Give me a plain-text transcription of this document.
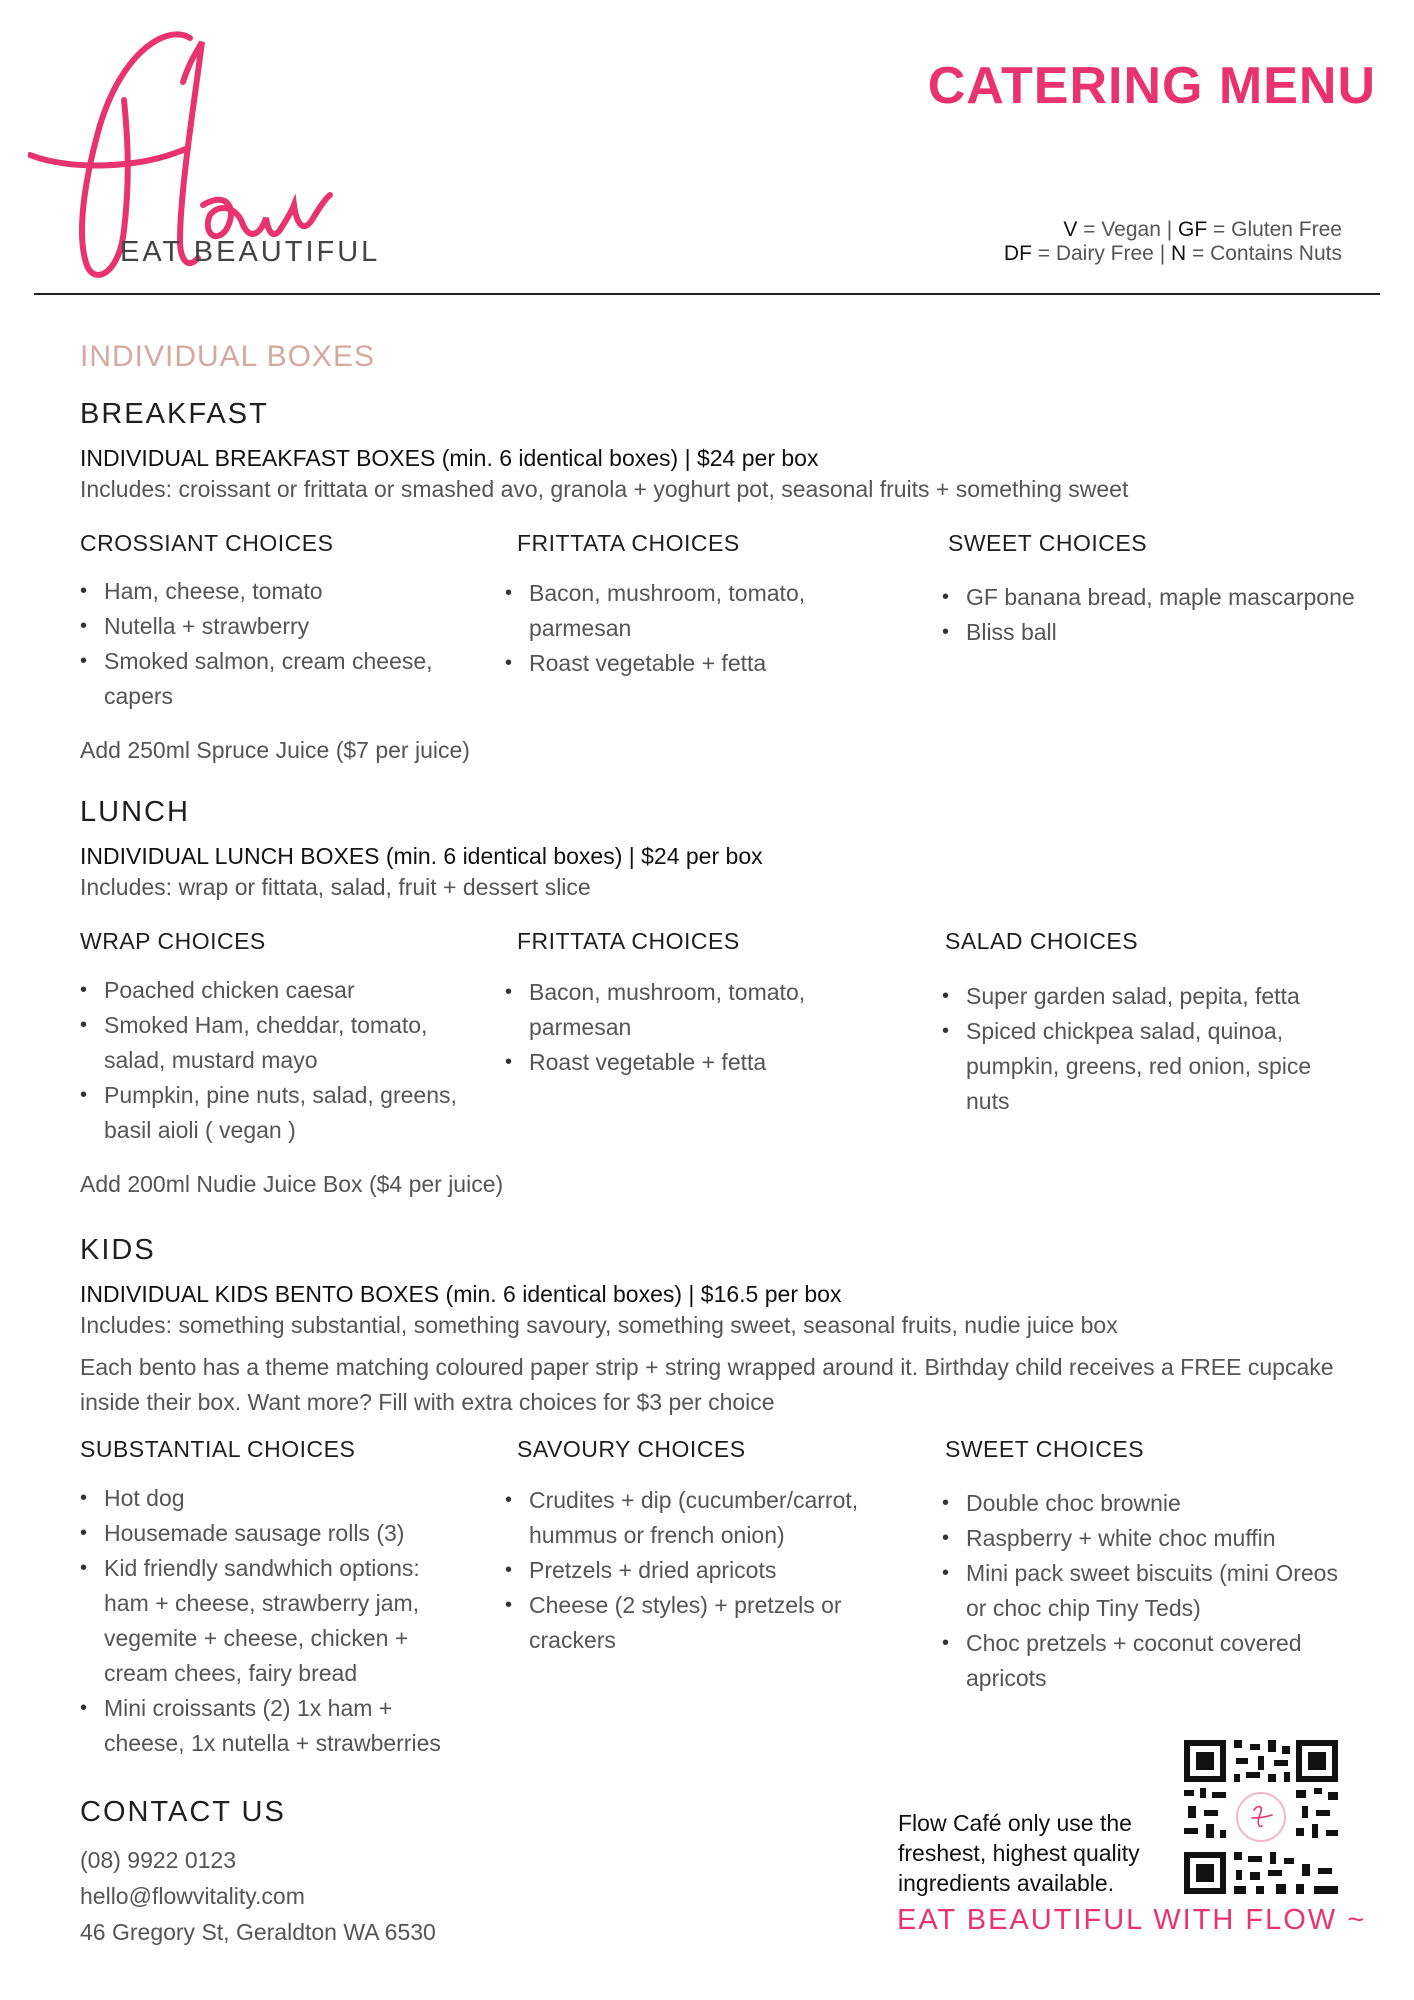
EAT BEAUTIFUL
CATERING MENU
V = Vegan | GF = Gluten Free
DF = Dairy Free | N = Contains Nuts
INDIVIDUAL BOXES
BREAKFAST
INDIVIDUAL BREAKFAST BOXES (min. 6 identical boxes) | $24 per box
Includes: croissant or frittata or smashed avo, granola + yoghurt pot, seasonal fruits + something sweet
CROSSIANT CHOICES
• Ham, cheese, tomato
• Nutella + strawberry
• Smoked salmon, cream cheese, capers
FRITTATA CHOICES
• Bacon, mushroom, tomato, parmesan
• Roast vegetable + fetta
SWEET CHOICES
• GF banana bread, maple mascarpone
• Bliss ball
Add 250ml Spruce Juice ($7 per juice)
LUNCH
INDIVIDUAL LUNCH BOXES (min. 6 identical boxes) | $24 per box
Includes: wrap or fittata, salad, fruit + dessert slice
WRAP CHOICES
• Poached chicken caesar
• Smoked Ham, cheddar, tomato, salad, mustard mayo
• Pumpkin, pine nuts, salad, greens, basil aioli ( vegan )
FRITTATA CHOICES
• Bacon, mushroom, tomato, parmesan
• Roast vegetable + fetta
SALAD CHOICES
• Super garden salad, pepita, fetta
• Spiced chickpea salad, quinoa, pumpkin, greens, red onion, spice nuts
Add 200ml Nudie Juice Box ($4 per juice)
KIDS
INDIVIDUAL KIDS BENTO BOXES (min. 6 identical boxes) | $16.5 per box
Includes: something substantial, something savoury, something sweet, seasonal fruits, nudie juice box
Each bento has a theme matching coloured paper strip + string wrapped around it. Birthday child receives a FREE cupcake inside their box. Want more? Fill with extra choices for $3 per choice
SUBSTANTIAL CHOICES
• Hot dog
• Housemade sausage rolls (3)
• Kid friendly sandwhich options: ham + cheese, strawberry jam, vegemite + cheese, chicken + cream chees, fairy bread
• Mini croissants (2) 1x ham + cheese, 1x nutella + strawberries
SAVOURY CHOICES
• Crudites + dip (cucumber/carrot, hummus or french onion)
• Pretzels + dried apricots
• Cheese (2 styles) + pretzels or crackers
SWEET CHOICES
• Double choc brownie
• Raspberry + white choc muffin
• Mini pack sweet biscuits (mini Oreos or choc chip Tiny Teds)
• Choc pretzels + coconut covered apricots
CONTACT US
(08) 9922 0123
hello@flowvitality.com
46 Gregory St, Geraldton WA 6530
Flow Café only use the
freshest, highest quality
ingredients available.
EAT BEAUTIFUL WITH FLOW ~
